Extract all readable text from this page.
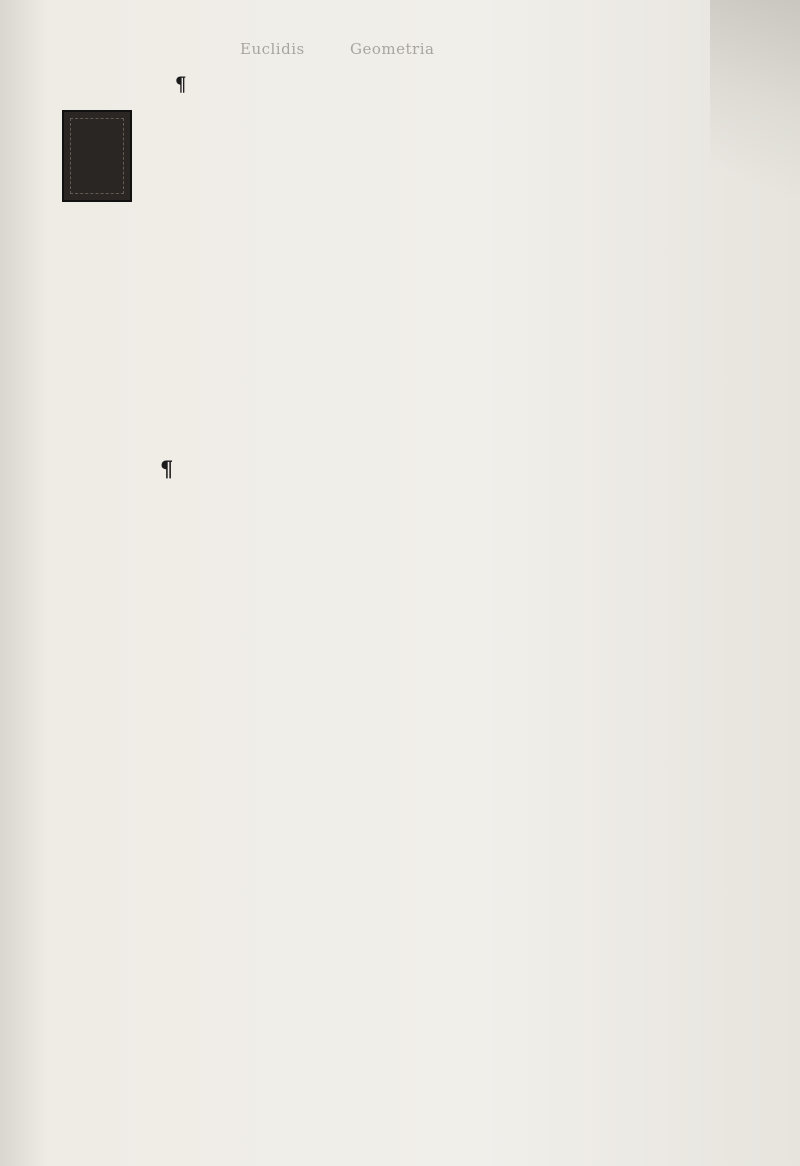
Euclidis	Geometria
¶
¶
